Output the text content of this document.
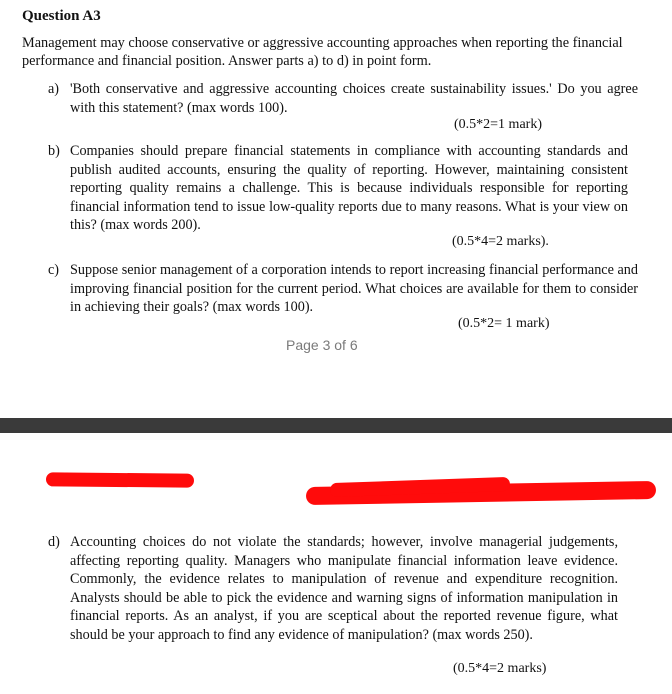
Question A3
Management may choose conservative or aggressive accounting approaches when reporting the financial performance and financial position. Answer parts a) to d) in point form.
a) 'Both conservative and aggressive accounting choices create sustainability issues.' Do you agree with this statement? (max words 100).
(0.5*2=1 mark)
b) Companies should prepare financial statements in compliance with accounting standards and publish audited accounts, ensuring the quality of reporting. However, maintaining consistent reporting quality remains a challenge. This is because individuals responsible for reporting financial information tend to issue low-quality reports due to many reasons. What is your view on this? (max words 200).
(0.5*4=2 marks).
c) Suppose senior management of a corporation intends to report increasing financial performance and improving financial position for the current period. What choices are available for them to consider in achieving their goals? (max words 100).
(0.5*2= 1 mark)
Page 3 of 6
d) Accounting choices do not violate the standards; however, involve managerial judgements, affecting reporting quality. Managers who manipulate financial information leave evidence. Commonly, the evidence relates to manipulation of revenue and expenditure recognition. Analysts should be able to pick the evidence and warning signs of information manipulation in financial reports. As an analyst, if you are sceptical about the reported revenue figure, what should be your approach to find any evidence of manipulation? (max words 250).
(0.5*4=2 marks)
